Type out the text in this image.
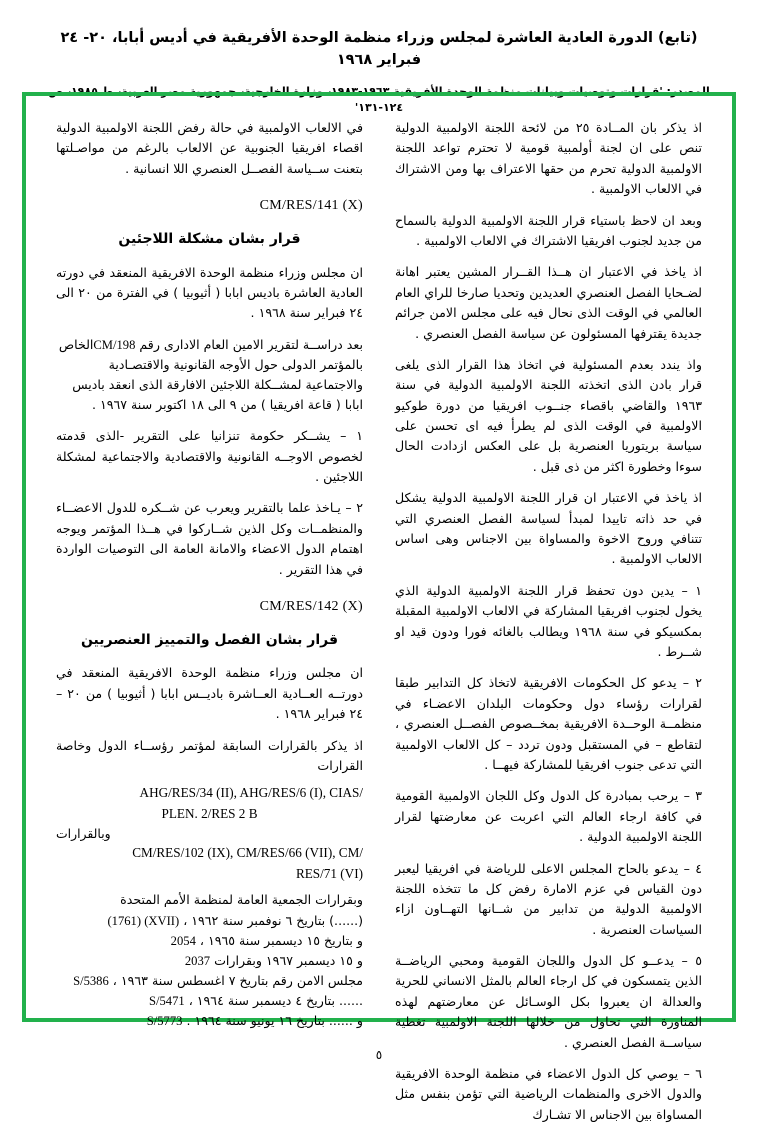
(تابع) الدورة العادية العاشرة لمجلس وزراء منظمة الوحدة الأفريقية في أديس أبابا، ٢٠- ٢٤ فبراير ١٩٦٨
المصدر: 'قرارات وتوصيات وبيانات منظمة الوحدة الأفريقية ١٩٦٣-١٩٨٣، وزارة الخارجية، جمهورية مصر العربية، ط ١٩٨٥، ص ١٢٤-١٣١'

اذ يذكر بان المــادة ٢٥ من لائحة اللجنة الاولمبية الدولية تنص على ان لجنة أولمبية قومية لا تحترم تواعد اللجنة الاولمبية الدولية تحرم من حقها الاعتراف بها ومن الاشتراك في الالعاب الاولمبية .

وبعد ان لاحظ باستياء قرار اللجنة الاولمبية الدولية بالسماح من جديد لجنوب افريقيا الاشتراك في الالعاب الاولمبية .

اذ ياخذ في الاعتبار ان هــذا القــرار المشين يعتبر اهانة لضـحايا الفصل العنصري العديدين وتحديا صارخا للراي العام العالمي في الوقت الذى نحال فيه على مجلس الامن جرائم جديدة يقترفها المسئولون عن سياسة الفصل العنصري .

واذ يندد بعدم المسئولية في اتخاذ هذا القرار الذى يلغى قرار بادن الذى اتخذته اللجنة الاولمبية الدولية في سنة ١٩٦٣ والقاضي باقصاء جنــوب افريقيا من دورة طوكيو الاولمبية في الوقت الذى لم يطرأ فيه اى تحسن على سياسة بريتوريا العنصرية بل على العكس ازدادت الحال سوءا وخطورة اكثر من ذى قبل .

اذ ياخذ في الاعتبار ان قرار اللجنة الاولمبية الدولية يشكل في حد ذاته تاييدا لمبدأ لسياسة الفصل العنصري التي تتنافي وروح الاخوة والمساواة بين الاجناس وهى اساس الالعاب الاولمبية .

١ – يدين دون تحفظ قرار اللجنة الاولمبية الدولية الذي يخول لجنوب افريقيا المشاركة في الالعاب الاولمبية المقبلة بمكسيكو في سنة ١٩٦٨ ويطالب بالغائه فورا ودون قيد او شــرط .

٢ – يدعو كل الحكومات الافريقية لاتخاذ كل التدابير طبقا لقرارات رؤساء دول وحكومات البلدان الاعضـاء في منظمــة الوحــدة الافريقية بمخــصوص الفصــل العنصري ، لتقاطع – في المستقبل ودون تردد – كل الالعاب الاولمبية التي تدعى جنوب افريقيا للمشاركة فيهــا .

٣ – يرحب بمبادرة كل الدول وكل اللجان الاولمبية القومية في كافة ارجاء العالم التي اعربت عن معارضتها لقرار اللجنة الاولمبية الدولية .

٤ – يدعو بالحاح المجلس الاعلى للرياضة في افريقيا ليعبر دون القياس في عزم الامارة رفض كل ما تتخذه اللجنة الاولمبية الدولية من تدابير من شــانها التهــاون ازاء السياسات العنصرية .

٥ – يدعــو كل الدول واللجان القومية ومحبي الرياضــة الذين يتمسكون في كل ارجاء العالم بالمثل الانساني للحرية والعدالة ان يعبروا بكل الوسـائل عن معارضتهم لهذه المناورة التي تحاول من خلالها اللجنة الاولمبية تغطية سياســة الفصل العنصري .

٦ – يوصي كل الدول الاعضاء في منظمة الوحدة الافريقية والدول الاخرى والمنظمات الرياضية التي تؤمن بنفس مثل المساواة بين الاجناس الا تشـارك

في الالعاب الاولمبية في حالة رفض اللجنة الاولمبية الدولية اقصاء افريقيا الجنوبية عن الالعاب بالرغم من مواصـلتها بتعنت ســياسة الفصــل العنصري اللا انسانية .

CM/RES/141 (X)
قرار بشان مشكلة اللاجئين

ان مجلس وزراء منظمة الوحدة الافريقية المنعقد في دورته العادية العاشرة باديس ابابا ( أثيوبيا ) في الفترة من ٢٠ الى ٢٤ فبراير سنة ١٩٦٨ .

بعد دراســة لتقرير الامين العام الادارى رقم CM/198الخاص بالمؤتمر الدولى حول الأوجه القانونية والاقتصـادية والاجتماعية لمشــكلة اللاجئين الافارقة الذى انعقد باديس ابابا ( قاعة افريقيا ) من ٩ الى ١٨ اكتوبر سنة ١٩٦٧ .

١ – يشــكر حكومة تنزانيا على التقرير -الذى قدمته لخصوص الاوجــه القانونية والاقتصادية والاجتماعية لمشكلة اللاجئين .

٢ – يـاخذ علما بالتقرير ويعرب عن شــكره للدول الاعضــاء والمنظمــات وكل الذين شــاركوا في هــذا المؤتمر ويوجه اهتمام الدول الاعضاء والامانة العامة الى التوصيات الواردة في هذا التقرير .

CM/RES/142 (X)
قرار بشان الفصل والتمييز العنصريين

ان مجلس وزراء منظمة الوحدة الافريقية المنعقد في دورتــه العــادية العــاشرة باديــس ابابا ( أثيوبيا ) من ٢٠ – ٢٤ فبراير ١٩٦٨ .

اذ يذكر بالقرارات السابقة لمؤتمر رؤســاء الدول وخاصة القرارات

AHG/RES/34 (II), AHG/RES/6 (I), CIAS/
PLEN. 2/RES 2 B
وبالقرارات
CM/RES/102 (IX), CM/RES/66 (VII), CM/
RES/71 (VI)
وبقرارات الجمعية العامة لمنظمة الأمم المتحدة
(......) بتاريخ ٦ نوفمبر سنة ١٩٦٢ ، (1761) (XVII)
و بتاريخ ١٥ ديسمبر سنة ١٩٦٥ ، 2054
و ١٥ ديسمبر ١٩٦٧ وبقرارات 2037
مجلس الامن رقم بتاريخ ٧ اغسطس سنة ١٩٦٣ ، S/5386
...... بتاريخ ٤ ديسمبر سنة ١٩٦٤ ، S/5471
و ...... بتاريخ ١٦ يونيو سنة ١٩٦٤ . S/5773
٥
